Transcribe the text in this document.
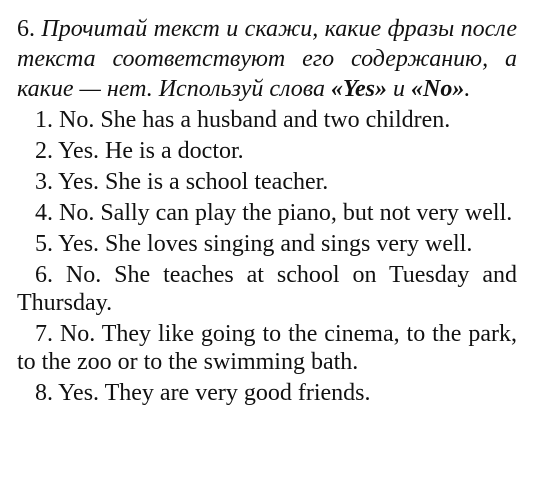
6. Прочитай текст и скажи, какие фразы после текста соответствуют его содержанию, а какие — нет. Используй слова «Yes» и «No».

1. No. She has a husband and two children.
2. Yes. He is a doctor.
3. Yes. She is a school teacher.
4. No. Sally can play the piano, but not very well.
5. Yes. She loves singing and sings very well.
6. No. She teaches at school on Tuesday and Thursday.
7. No. They like going to the cinema, to the park, to the zoo or to the swimming bath.
8. Yes. They are very good friends.
